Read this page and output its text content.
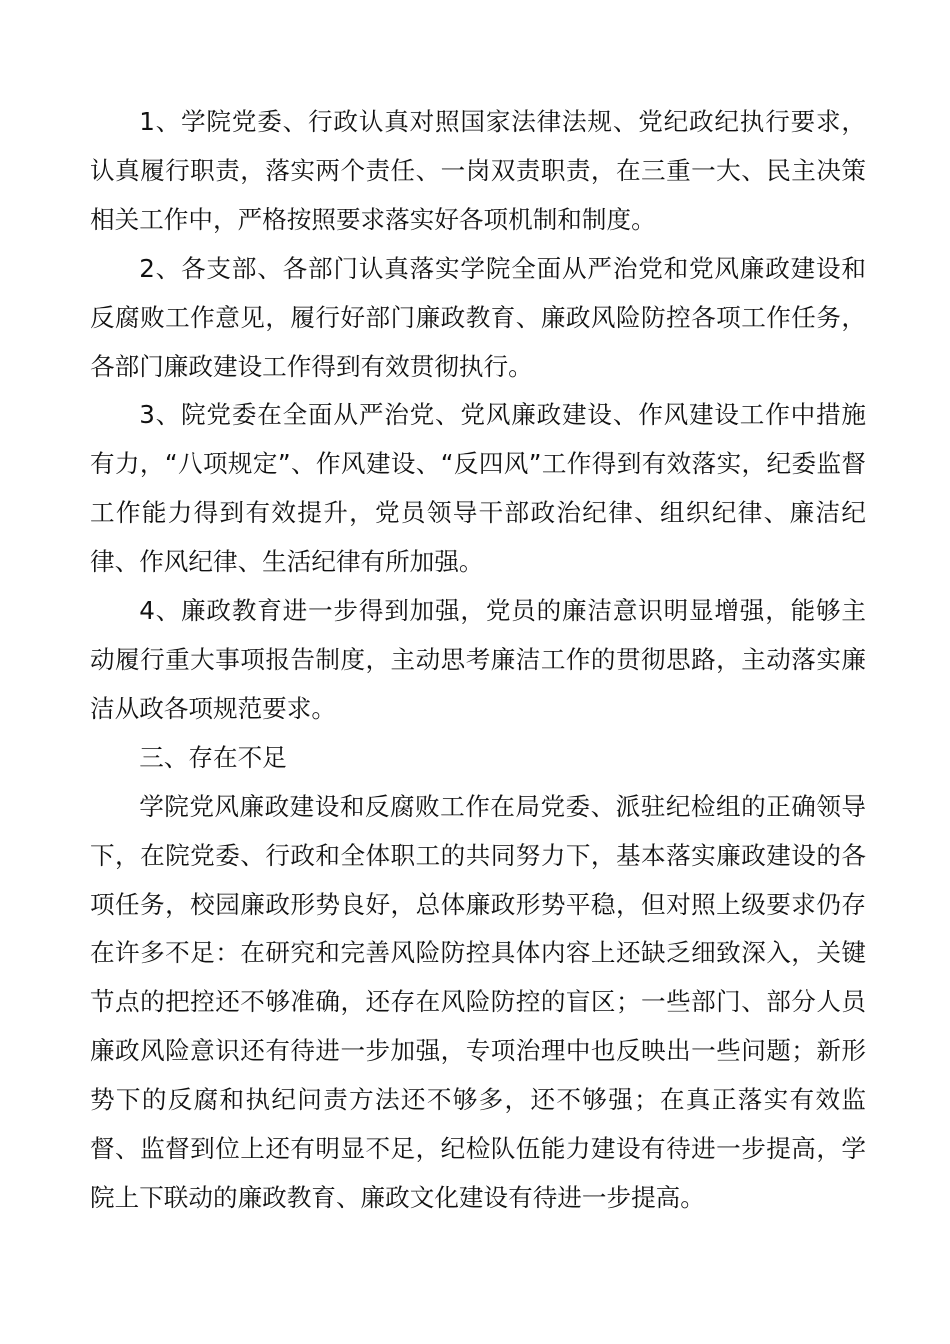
1、学院党委、行政认真对照国家法律法规、党纪政纪执行要求，认真履行职责，落实两个责任、一岗双责职责，在三重一大、民主决策相关工作中，严格按照要求落实好各项机制和制度。

2、各支部、各部门认真落实学院全面从严治党和党风廉政建设和反腐败工作意见，履行好部门廉政教育、廉政风险防控各项工作任务，各部门廉政建设工作得到有效贯彻执行。

3、院党委在全面从严治党、党风廉政建设、作风建设工作中措施有力，“八项规定”、作风建设、“反四风”工作得到有效落实，纪委监督工作能力得到有效提升，党员领导干部政治纪律、组织纪律、廉洁纪律、作风纪律、生活纪律有所加强。

4、廉政教育进一步得到加强，党员的廉洁意识明显增强，能够主动履行重大事项报告制度，主动思考廉洁工作的贯彻思路，主动落实廉洁从政各项规范要求。

三、存在不足

学院党风廉政建设和反腐败工作在局党委、派驻纪检组的正确领导下，在院党委、行政和全体职工的共同努力下，基本落实廉政建设的各项任务，校园廉政形势良好，总体廉政形势平稳，但对照上级要求仍存在许多不足：在研究和完善风险防控具体内容上还缺乏细致深入，关键节点的把控还不够准确，还存在风险防控的盲区；一些部门、部分人员廉政风险意识还有待进一步加强，专项治理中也反映出一些问题；新形势下的反腐和执纪问责方法还不够多，还不够强；在真正落实有效监督、监督到位上还有明显不足，纪检队伍能力建设有待进一步提高，学院上下联动的廉政教育、廉政文化建设有待进一步提高。
